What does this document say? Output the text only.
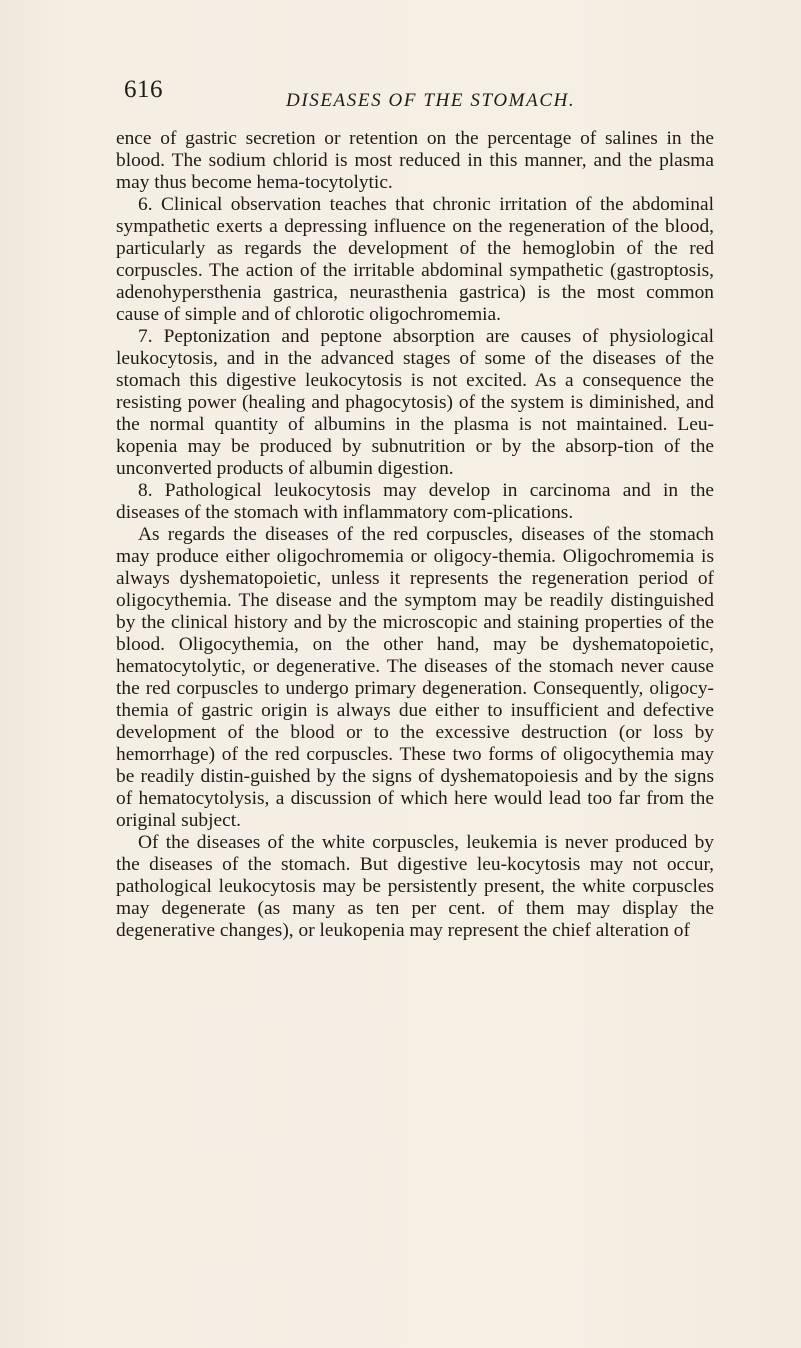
616	DISEASES OF THE STOMACH.

ence of gastric secretion or retention on the percentage of salines in the blood. The sodium chlorid is most reduced in this manner, and the plasma may thus become hema-tocytolytic.

6. Clinical observation teaches that chronic irritation of the abdominal sympathetic exerts a depressing influence on the regeneration of the blood, particularly as regards the development of the hemoglobin of the red corpuscles. The action of the irritable abdominal sympathetic (gastroptosis, adenohypersthenia gastrica, neurasthenia gastrica) is the most common cause of simple and of chlorotic oligochromemia.

7. Peptonization and peptone absorption are causes of physiological leukocytosis, and in the advanced stages of some of the diseases of the stomach this digestive leukocytosis is not excited. As a consequence the resisting power (healing and phagocytosis) of the system is diminished, and the normal quantity of albumins in the plasma is not maintained. Leu-kopenia may be produced by subnutrition or by the absorp-tion of the unconverted products of albumin digestion.

8. Pathological leukocytosis may develop in carcinoma and in the diseases of the stomach with inflammatory com-plications.

As regards the diseases of the red corpuscles, diseases of the stomach may produce either oligochromemia or oligocy-themia. Oligochromemia is always dyshematopoietic, unless it represents the regeneration period of oligocythemia. The disease and the symptom may be readily distinguished by the clinical history and by the microscopic and staining properties of the blood. Oligocythemia, on the other hand, may be dyshematopoietic, hematocytolytic, or degenerative. The diseases of the stomach never cause the red corpuscles to undergo primary degeneration. Consequently, oligocy-themia of gastric origin is always due either to insufficient and defective development of the blood or to the excessive destruction (or loss by hemorrhage) of the red corpuscles. These two forms of oligocythemia may be readily distin-guished by the signs of dyshematopoiesis and by the signs of hematocytolysis, a discussion of which here would lead too far from the original subject.

Of the diseases of the white corpuscles, leukemia is never produced by the diseases of the stomach. But digestive leu-kocytosis may not occur, pathological leukocytosis may be persistently present, the white corpuscles may degenerate (as many as ten per cent. of them may display the degenerative changes), or leukopenia may represent the chief alteration of
